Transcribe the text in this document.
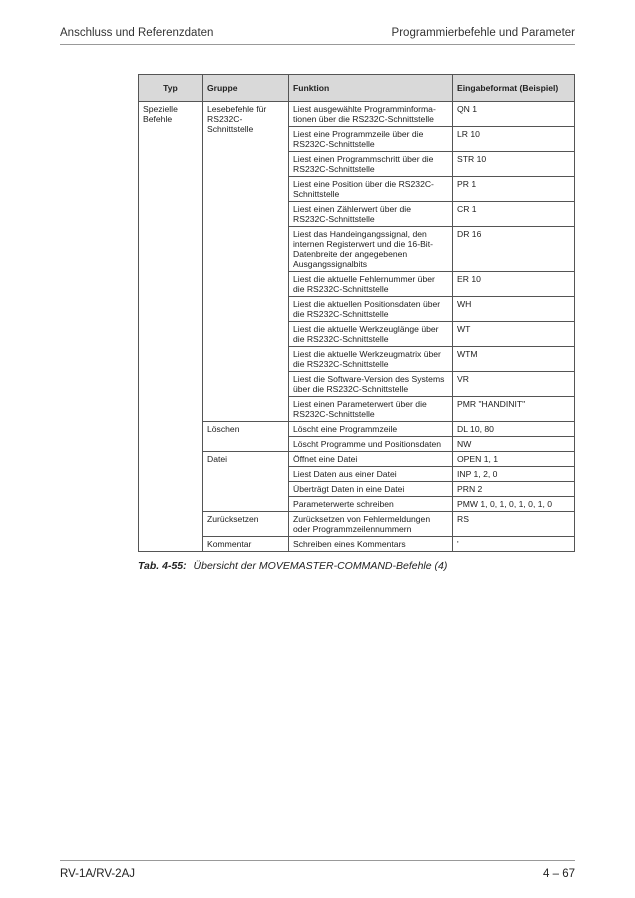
Anschluss und Referenzdaten	Programmierbefehle und Parameter
Typ	Gruppe	Funktion	Eingabeformat (Beispiel)
Spezielle Befehle	Lesebefehle für RS232C-Schnittstelle	Liest ausgewählte Programminforma-tionen über die RS232C-Schnittstelle	QN 1
		Liest eine Programmzeile über die RS232C-Schnittstelle	LR 10
		Liest einen Programmschritt über die RS232C-Schnittstelle	STR 10
		Liest eine Position über die RS232C-Schnittstelle	PR 1
		Liest einen Zählerwert über die RS232C-Schnittstelle	CR 1
		Liest das Handeingangssignal, den internen Registerwert und die 16-Bit-Datenbreite der angegebenen Ausgangssignalbits	DR 16
		Liest die aktuelle Fehlernummer über die RS232C-Schnittstelle	ER 10
		Liest die aktuellen Positionsdaten über die RS232C-Schnittstelle	WH
		Liest die aktuelle Werkzeuglänge über die RS232C-Schnittstelle	WT
		Liest die aktuelle Werkzeugmatrix über die RS232C-Schnittstelle	WTM
		Liest die Software-Version des Systems über die RS232C-Schnittstelle	VR
		Liest einen Parameterwert über die RS232C-Schnittstelle	PMR "HANDINIT"
	Löschen	Löscht eine Programmzeile	DL 10, 80
		Löscht Programme und Positionsdaten	NW
	Datei	Öffnet eine Datei	OPEN 1, 1
		Liest Daten aus einer Datei	INP 1, 2, 0
		Überträgt Daten in eine Datei	PRN 2
		Parameterwerte schreiben	PMW 1, 0, 1, 0, 1, 0, 1, 0
	Zurücksetzen	Zurücksetzen von Fehlermeldungen oder Programmzeilennummern	RS
	Kommentar	Schreiben eines Kommentars	'
Tab. 4-55: Übersicht der MOVEMASTER-COMMAND-Befehle (4)
RV-1A/RV-2AJ	4 – 67
